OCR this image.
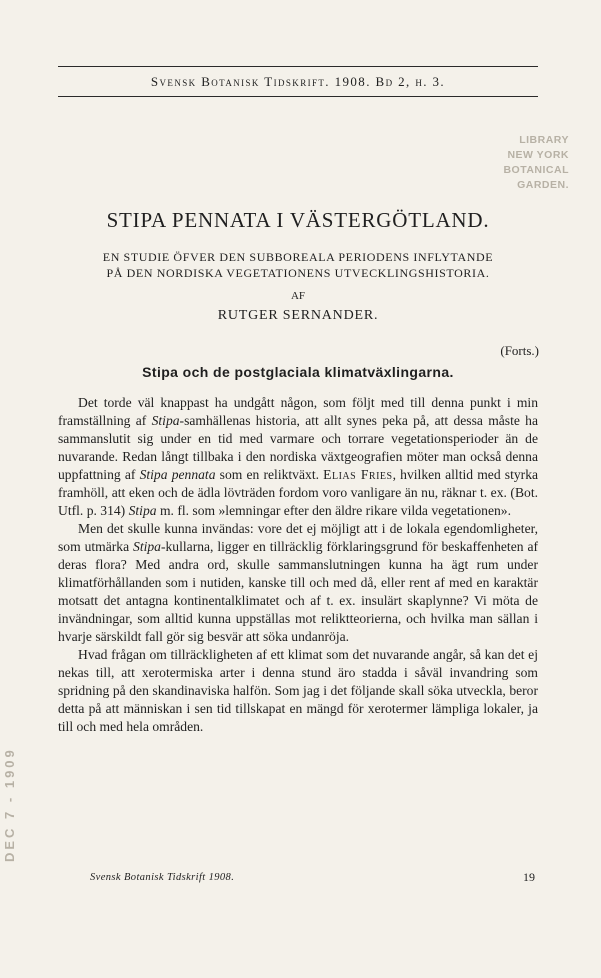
Svensk Botanisk Tidskrift. 1908. Bd 2, h. 3.
LIBRARY
NEW YORK
BOTANICAL
GARDEN.
STIPA PENNATA I VÄSTERGÖTLAND.
EN STUDIE ÖFVER DEN SUBBOREALA PERIODENS INFLYTANDE
PÅ DEN NORDISKA VEGETATIONENS UTVECKLINGSHISTORIA.
AF
RUTGER SERNANDER.
(Forts.)
Stipa och de postglaciala klimatväxlingarna.

Det torde väl knappast ha undgått någon, som följt med till denna punkt i min framställning af Stipa-samhällenas historia, att allt synes peka på, att dessa måste ha sammanslutit sig under en tid med varmare och torrare vegetationsperioder än de nuvarande. Redan långt tillbaka i den nordiska växtgeografien möter man också denna uppfattning af Stipa pennata som en reliktväxt. Elias Fries, hvilken alltid med styrka framhöll, att eken och de ädla lövträden fordom voro vanligare än nu, räknar t. ex. (Bot. Utfl. p. 314) Stipa m. fl. som »lemningar efter den äldre rikare vilda vegetationen».

Men det skulle kunna invändas: vore det ej möjligt att i de lokala egendomligheter, som utmärka Stipa-kullarna, ligger en tillräcklig förklaringsgrund för beskaffenheten af deras flora? Med andra ord, skulle sammanslutningen kunna ha ägt rum under klimatförhållanden som i nutiden, kanske till och med då, eller rent af med en karaktär motsatt det antagna kontinentalklimatet och af t. ex. insulärt skaplynne? Vi möta de invändningar, som alltid kunna uppställas mot reliktteorierna, och hvilka man sällan i hvarje särskildt fall gör sig besvär att söka undanröja.

Hvad frågan om tillräckligheten af ett klimat som det nuvarande angår, så kan det ej nekas till, att xerotermiska arter i denna stund äro stadda i såväl invandring som spridning på den skandinaviska halfön. Som jag i det följande skall söka utveckla, beror detta på att människan i sen tid tillskapat en mängd för xerotermer lämpliga lokaler, ja till och med hela områden.

DEC 7 - 1909
Svensk Botanisk Tidskrift 1908.	19
